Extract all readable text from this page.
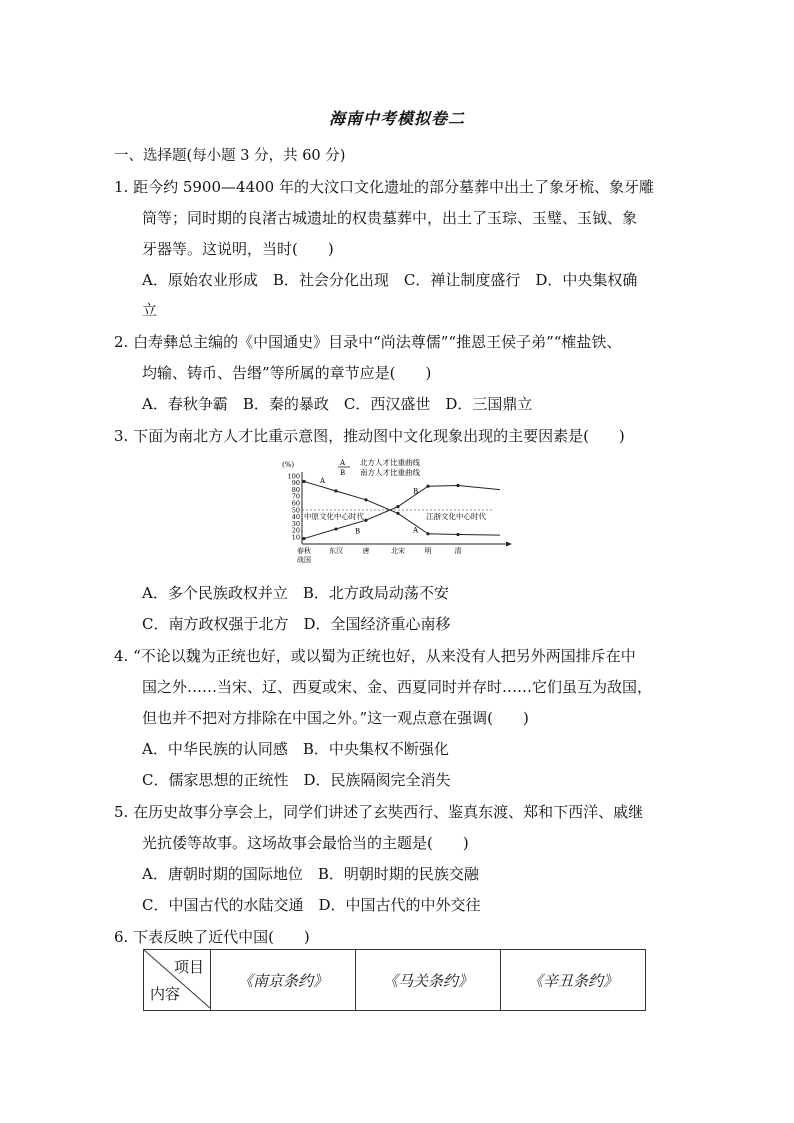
海南中考模拟卷二
一、选择题(每小题 3 分，共 60 分)
1. 距今约 5900—4400 年的大汶口文化遗址的部分墓葬中出土了象牙梳、象牙雕
筒等；同时期的良渚古城遗址的权贵墓葬中，出土了玉琮、玉璧、玉钺、象
牙器等。这说明，当时(　　)
A．原始农业形成　B．社会分化出现　C．禅让制度盛行　D．中央集权确
立
2. 白寿彝总主编的《中国通史》目录中“尚法尊儒”“推恩王侯子弟”“榷盐铁、
均输、铸币、告缗”等所属的章节应是(　　)
A．春秋争霸　B．秦的暴政　C．西汉盛世　D．三国鼎立
3. 下面为南北方人才比重示意图，推动图中文化现象出现的主要因素是(　　)
(%)
100
90
80
70
60
50
40
30
20
10
A
A
B
B
春秋	东汉	唐	北宋	明	清
战国
A
B
北方人才比重曲线
南方人才比重曲线
中原文化中心时代	江浙文化中心时代
A．多个民族政权并立　B．北方政局动荡不安
C．南方政权强于北方　D．全国经济重心南移
4. “不论以魏为正统也好，或以蜀为正统也好，从来没有人把另外两国排斥在中
国之外……当宋、辽、西夏或宋、金、西夏同时并存时……它们虽互为敌国，
但也并不把对方排除在中国之外。”这一观点意在强调(　　)
A．中华民族的认同感　B．中央集权不断强化
C．儒家思想的正统性　D．民族隔阂完全消失
5. 在历史故事分享会上，同学们讲述了玄奘西行、鉴真东渡、郑和下西洋、戚继
光抗倭等故事。这场故事会最恰当的主题是(　　)
A．唐朝时期的国际地位　B．明朝时期的民族交融
C．中国古代的水陆交通　D．中国古代的中外交往
6. 下表反映了近代中国(　　)
项目
内容
	《南京条约》	《马关条约》	《辛丑条约》
